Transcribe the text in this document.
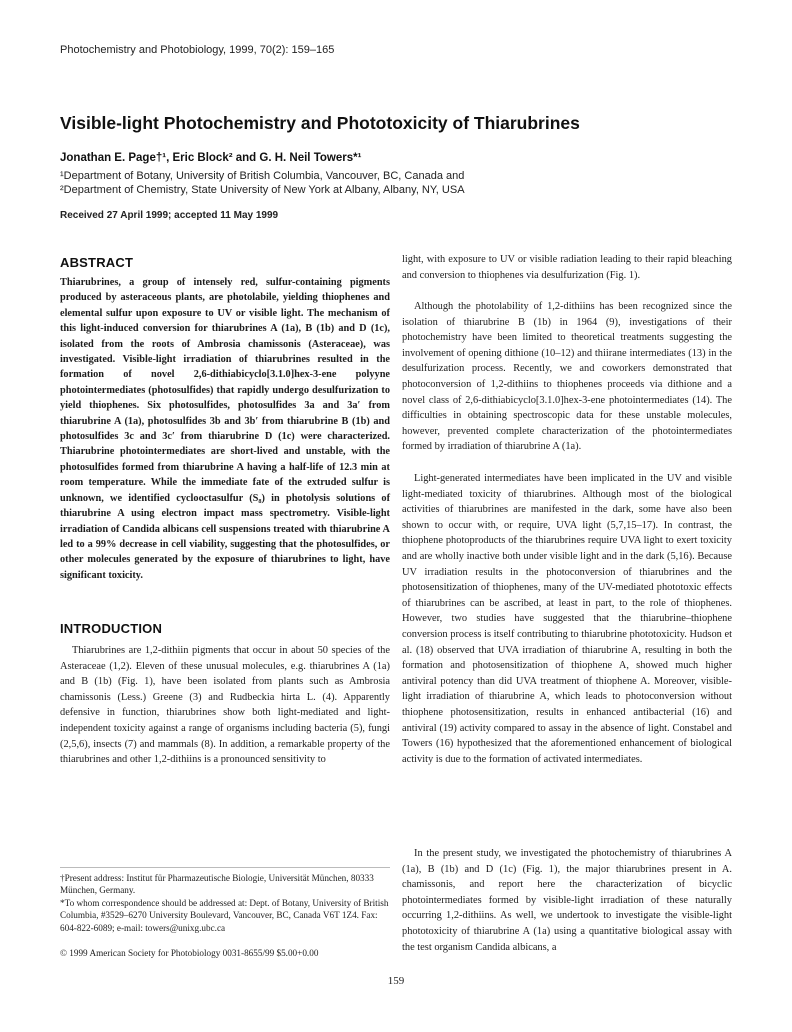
Photochemistry and Photobiology, 1999, 70(2): 159–165
Visible-light Photochemistry and Phototoxicity of Thiarubrines
Jonathan E. Page†¹, Eric Block² and G. H. Neil Towers*¹
¹Department of Botany, University of British Columbia, Vancouver, BC, Canada and
²Department of Chemistry, State University of New York at Albany, Albany, NY, USA
Received 27 April 1999; accepted 11 May 1999
ABSTRACT
Thiarubrines, a group of intensely red, sulfur-containing pigments produced by asteraceous plants, are photolabile, yielding thiophenes and elemental sulfur upon exposure to UV or visible light. The mechanism of this light-induced conversion for thiarubrines A (1a), B (1b) and D (1c), isolated from the roots of Ambrosia chamissonis (Asteraceae), was investigated. Visible-light irradiation of thiarubrines resulted in the formation of novel 2,6-dithiabicyclo[3.1.0]hex-3-ene polyyne photointermediates (photosulfides) that rapidly undergo desulfurization to yield thiophenes. Six photosulfides, photosulfides 3a and 3a′ from thiarubrine A (1a), photosulfides 3b and 3b′ from thiarubrine B (1b) and photosulfides 3c and 3c′ from thiarubrine D (1c) were characterized. Thiarubrine photointermediates are short-lived and unstable, with the photosulfides formed from thiarubrine A having a half-life of 12.3 min at room temperature. While the immediate fate of the extruded sulfur is unknown, we identified cyclooctasulfur (S₈) in photolysis solutions of thiarubrine A using electron impact mass spectrometry. Visible-light irradiation of Candida albicans cell suspensions treated with thiarubrine A led to a 99% decrease in cell viability, suggesting that the photosulfides, or other molecules generated by the exposure of thiarubrines to light, have significant toxicity.
INTRODUCTION
Thiarubrines are 1,2-dithiin pigments that occur in about 50 species of the Asteraceae (1,2). Eleven of these unusual molecules, e.g. thiarubrines A (1a) and B (1b) (Fig. 1), have been isolated from plants such as Ambrosia chamissonis (Less.) Greene (3) and Rudbeckia hirta L. (4). Apparently defensive in function, thiarubrines show both light-mediated and light-independent toxicity against a range of organisms including bacteria (5), fungi (2,5,6), insects (7) and mammals (8). In addition, a remarkable property of the thiarubrines and other 1,2-dithiins is a pronounced sensitivity to
†Present address: Institut für Pharmazeutische Biologie, Universität München, 80333 München, Germany.
*To whom correspondence should be addressed at: Dept. of Botany, University of British Columbia, #3529–6270 University Boulevard, Vancouver, BC, Canada V6T 1Z4. Fax: 604-822-6089; e-mail: towers@unixg.ubc.ca
© 1999 American Society for Photobiology 0031-8655/99 $5.00+0.00
light, with exposure to UV or visible radiation leading to their rapid bleaching and conversion to thiophenes via desulfurization (Fig. 1).
Although the photolability of 1,2-dithiins has been recognized since the isolation of thiarubrine B (1b) in 1964 (9), investigations of their photochemistry have been limited to theoretical treatments suggesting the involvement of opening dithione (10–12) and thiirane intermediates (13) in the desulfurization process. Recently, we and coworkers demonstrated that photoconversion of 1,2-dithiins to thiophenes proceeds via dithione and a novel class of 2,6-dithiabicyclo[3.1.0]hex-3-ene photointermediates (14). The difficulties in obtaining spectroscopic data for these unstable molecules, however, prevented complete characterization of the photointermediates formed by irradiation of thiarubrine A (1a).
Light-generated intermediates have been implicated in the UV and visible light-mediated toxicity of thiarubrines. Although most of the biological activities of thiarubrines are manifested in the dark, some have also been shown to occur with, or require, UVA light (5,7,15–17). In contrast, the thiophene photoproducts of the thiarubrines require UVA light to exert toxicity and are wholly inactive both under visible light and in the dark (5,16). Because UV irradiation results in the photoconversion of thiarubrines and the photosensitization of thiophenes, many of the UV-mediated phototoxic effects of thiarubrines can be ascribed, at least in part, to the role of thiophenes. However, two studies have suggested that the thiarubrine–thiophene conversion process is itself contributing to thiarubrine phototoxicity. Hudson et al. (18) observed that UVA irradiation of thiarubrine A, resulting in both the formation and photosensitization of thiophene A, showed much higher antiviral potency than did UVA treatment of thiophene A. Moreover, visible-light irradiation of thiarubrine A, which leads to photoconversion without thiophene photosensitization, results in enhanced antibacterial (16) and antiviral (19) activity compared to assay in the absence of light. Constabel and Towers (16) hypothesized that the aforementioned enhancement of biological activity is due to the formation of activated intermediates.
In the present study, we investigated the photochemistry of thiarubrines A (1a), B (1b) and D (1c) (Fig. 1), the major thiarubrines present in A. chamissonis, and report here the characterization of bicyclic photointermediates formed by visible-light irradiation of these naturally occurring 1,2-dithiins. As well, we undertook to investigate the visible-light phototoxicity of thiarubrine A (1a) using a quantitative biological assay with the test organism Candida albicans, a
159
